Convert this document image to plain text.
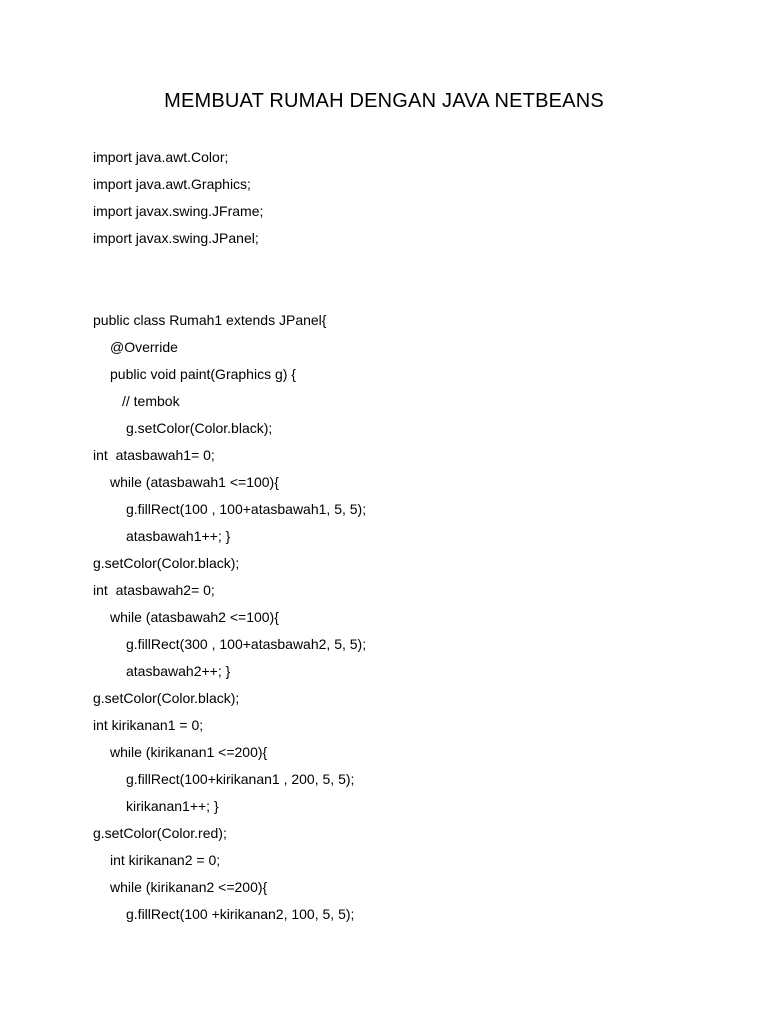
MEMBUAT RUMAH DENGAN JAVA NETBEANS
import java.awt.Color;
import java.awt.Graphics;
import javax.swing.JFrame;
import javax.swing.JPanel;
public class Rumah1 extends JPanel{
@Override
public void paint(Graphics g) {
// tembok
g.setColor(Color.black);
int  atasbawah1= 0;
while (atasbawah1 <=100){
g.fillRect(100 , 100+atasbawah1, 5, 5);
atasbawah1++; }
g.setColor(Color.black);
int  atasbawah2= 0;
while (atasbawah2 <=100){
g.fillRect(300 , 100+atasbawah2, 5, 5);
atasbawah2++; }
g.setColor(Color.black);
int kirikanan1 = 0;
while (kirikanan1 <=200){
g.fillRect(100+kirikanan1 , 200, 5, 5);
kirikanan1++; }
g.setColor(Color.red);
int kirikanan2 = 0;
while (kirikanan2 <=200){
g.fillRect(100 +kirikanan2, 100, 5, 5);
